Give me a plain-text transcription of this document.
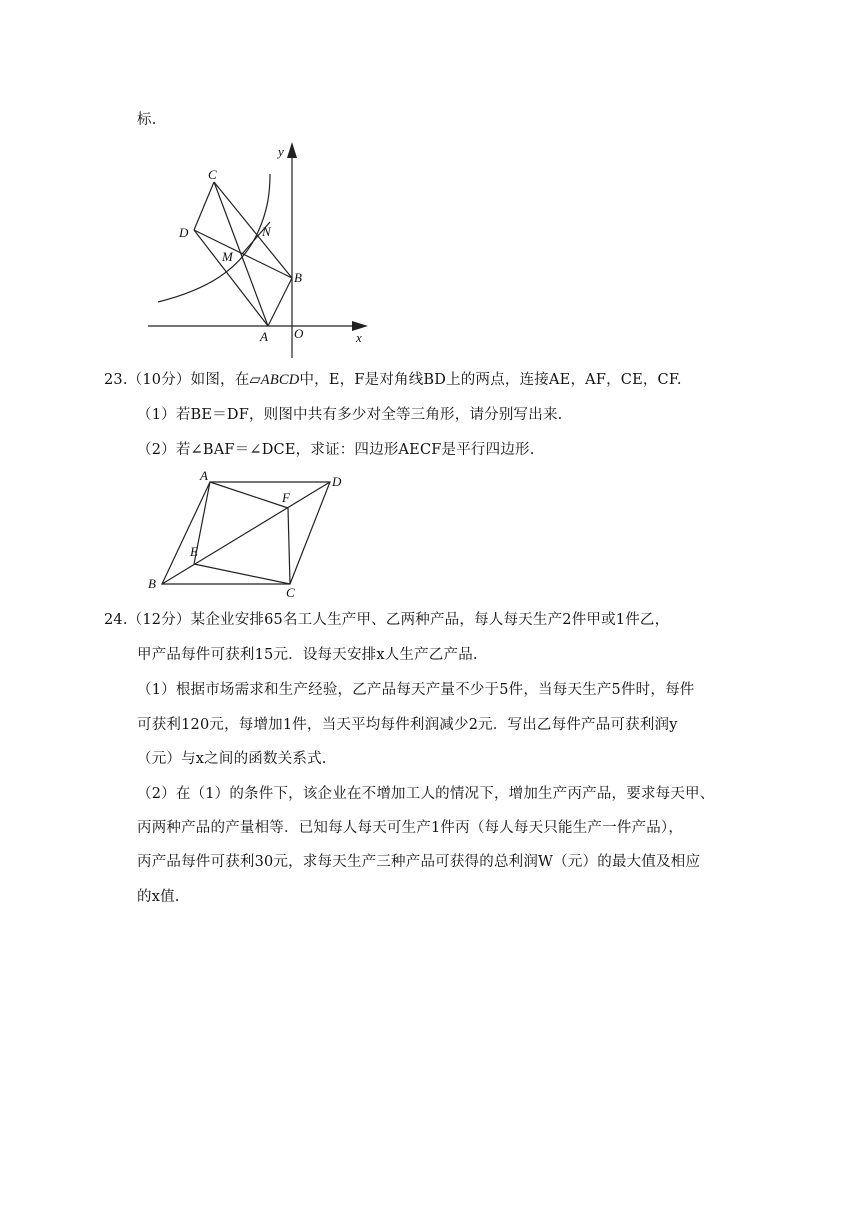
标.
y
x
O
A
B
C
D
M
N
23.（10分）如图，在▱ABCD中，E，F是对角线BD上的两点，连接AE，AF，CE，CF.
（1）若BE＝DF，则图中共有多少对全等三角形，请分别写出来.
（2）若∠BAF＝∠DCE，求证：四边形AECF是平行四边形.
A	D
F
E
B
C
24.（12分）某企业安排65名工人生产甲、乙两种产品，每人每天生产2件甲或1件乙，
甲产品每件可获利15元．设每天安排x人生产乙产品.
（1）根据市场需求和生产经验，乙产品每天产量不少于5件，当每天生产5件时，每件
可获利120元，每增加1件，当天平均每件利润减少2元．写出乙每件产品可获利润y
（元）与x之间的函数关系式.
（2）在（1）的条件下，该企业在不增加工人的情况下，增加生产丙产品，要求每天甲、
丙两种产品的产量相等．已知每人每天可生产1件丙（每人每天只能生产一件产品），
丙产品每件可获利30元，求每天生产三种产品可获得的总利润W（元）的最大值及相应
的x值.
